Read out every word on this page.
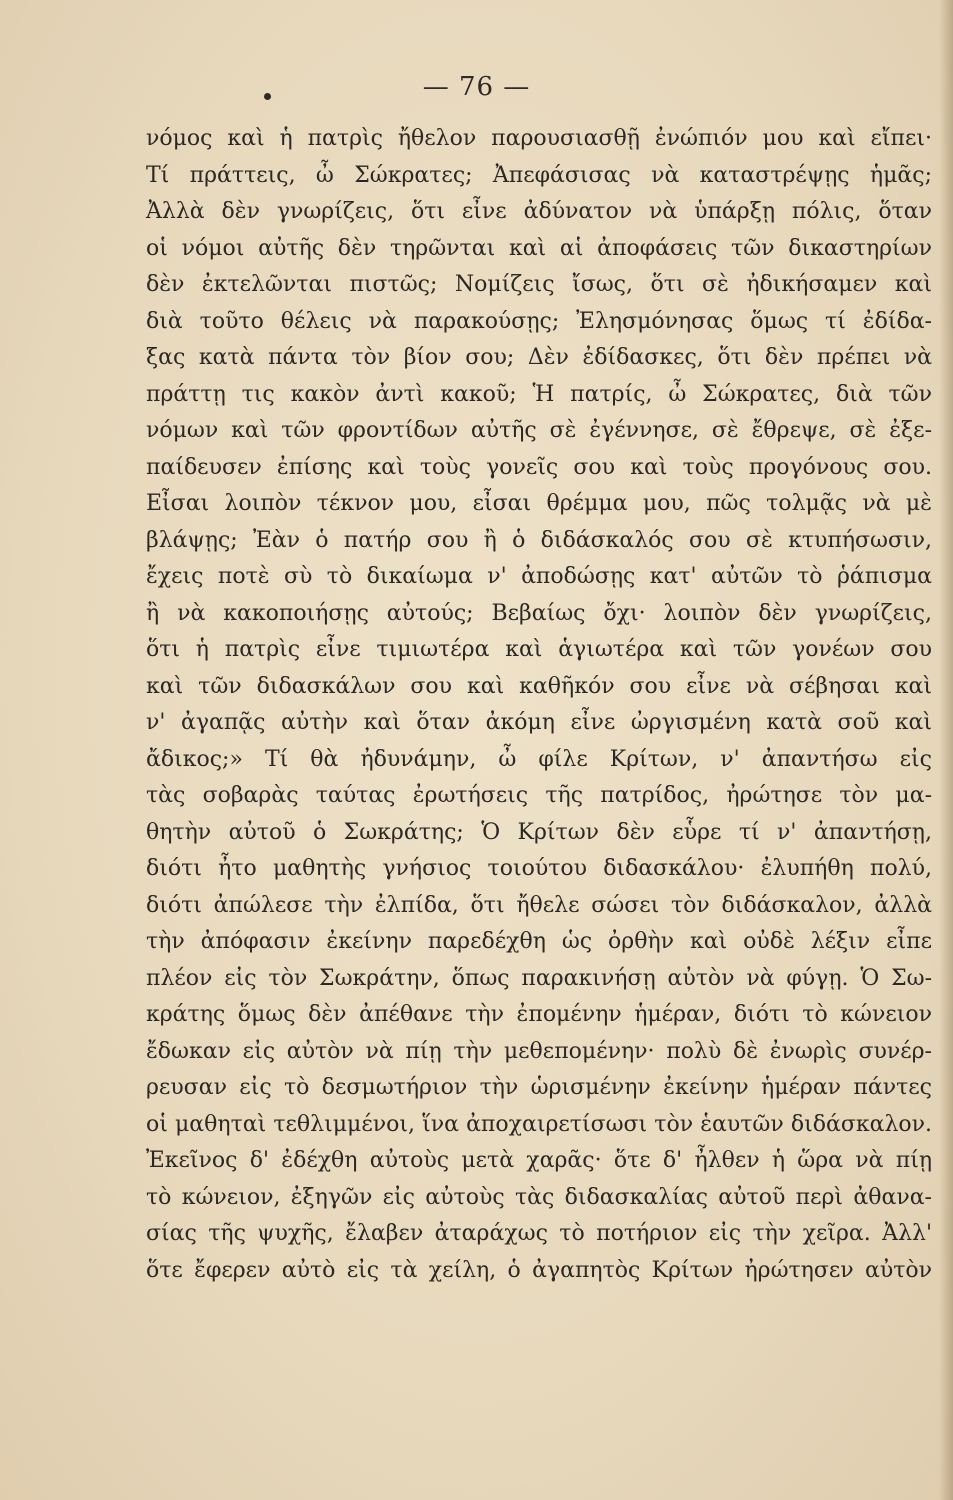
— 76 —
νόμος καὶ ἡ πατρὶς ἤθελον παρουσιασθῇ ἐνώπιόν μου καὶ εἴπει·
Τί πράττεις, ὦ Σώκρατες; Ἀπεφάσισας νὰ καταστρέψῃς ἡμᾶς;
Ἀλλὰ δὲν γνωρίζεις, ὅτι εἶνε ἀδύνατον νὰ ὑπάρξῃ πόλις, ὅταν
οἱ νόμοι αὐτῆς δὲν τηρῶνται καὶ αἱ ἀποφάσεις τῶν δικαστηρίων
δὲν ἐκτελῶνται πιστῶς; Νομίζεις ἴσως, ὅτι σὲ ἠδικήσαμεν καὶ
διὰ τοῦτο θέλεις νὰ παρακούσῃς; Ἐλησμόνησας ὅμως τί ἐδίδα-
ξας κατὰ πάντα τὸν βίον σου; Δὲν ἐδίδασκες, ὅτι δὲν πρέπει νὰ
πράττῃ τις κακὸν ἀντὶ κακοῦ; Ἡ πατρίς, ὦ Σώκρατες, διὰ τῶν
νόμων καὶ τῶν φροντίδων αὐτῆς σὲ ἐγέννησε, σὲ ἔθρεψε, σὲ ἐξε-
παίδευσεν ἐπίσης καὶ τοὺς γονεῖς σου καὶ τοὺς προγόνους σου.
Εἶσαι λοιπὸν τέκνον μου, εἶσαι θρέμμα μου, πῶς τολμᾷς νὰ μὲ
βλάψῃς; Ἐὰν ὁ πατήρ σου ἢ ὁ διδάσκαλός σου σὲ κτυπήσωσιν,
ἔχεις ποτὲ σὺ τὸ δικαίωμα ν' ἀποδώσῃς κατ' αὐτῶν τὸ ῥάπισμα
ἢ νὰ κακοποιήσῃς αὐτούς; Βεβαίως ὄχι· λοιπὸν δὲν γνωρίζεις,
ὅτι ἡ πατρὶς εἶνε τιμιωτέρα καὶ ἁγιωτέρα καὶ τῶν γονέων σου
καὶ τῶν διδασκάλων σου καὶ καθῆκόν σου εἶνε νὰ σέβησαι καὶ
ν' ἀγαπᾷς αὐτὴν καὶ ὅταν ἀκόμη εἶνε ὠργισμένη κατὰ σοῦ καὶ
ἄδικος;» Τί θὰ ἠδυνάμην, ὦ φίλε Κρίτων, ν' ἀπαντήσω εἰς
τὰς σοβαρὰς ταύτας ἐρωτήσεις τῆς πατρίδος, ἠρώτησε τὸν μα-
θητὴν αὐτοῦ ὁ Σωκράτης; Ὁ Κρίτων δὲν εὗρε τί ν' ἀπαντήσῃ,
διότι ἦτο μαθητὴς γνήσιος τοιούτου διδασκάλου· ἐλυπήθη πολύ,
διότι ἀπώλεσε τὴν ἐλπίδα, ὅτι ἤθελε σώσει τὸν διδάσκαλον, ἀλλὰ
τὴν ἀπόφασιν ἐκείνην παρεδέχθη ὡς ὀρθὴν καὶ οὐδὲ λέξιν εἶπε
πλέον εἰς τὸν Σωκράτην, ὅπως παρακινήσῃ αὐτὸν νὰ φύγῃ. Ὁ Σω-
κράτης ὅμως δὲν ἀπέθανε τὴν ἐπομένην ἡμέραν, διότι τὸ κώνειον
ἔδωκαν εἰς αὐτὸν νὰ πίῃ τὴν μεθεπομένην· πολὺ δὲ ἐνωρὶς συνέρ-
ρευσαν εἰς τὸ δεσμωτήριον τὴν ὡρισμένην ἐκείνην ἡμέραν πάντες
οἱ μαθηταὶ τεθλιμμένοι, ἵνα ἀποχαιρετίσωσι τὸν ἑαυτῶν διδάσκαλον.
Ἐκεῖνος δ' ἐδέχθη αὐτοὺς μετὰ χαρᾶς· ὅτε δ' ἦλθεν ἡ ὥρα νὰ πίῃ
τὸ κώνειον, ἐξηγῶν εἰς αὐτοὺς τὰς διδασκαλίας αὐτοῦ περὶ ἀθανα-
σίας τῆς ψυχῆς, ἔλαβεν ἀταράχως τὸ ποτήριον εἰς τὴν χεῖρα. Ἀλλ'
ὅτε ἔφερεν αὐτὸ εἰς τὰ χείλη, ὁ ἀγαπητὸς Κρίτων ἠρώτησεν αὐτὸν
